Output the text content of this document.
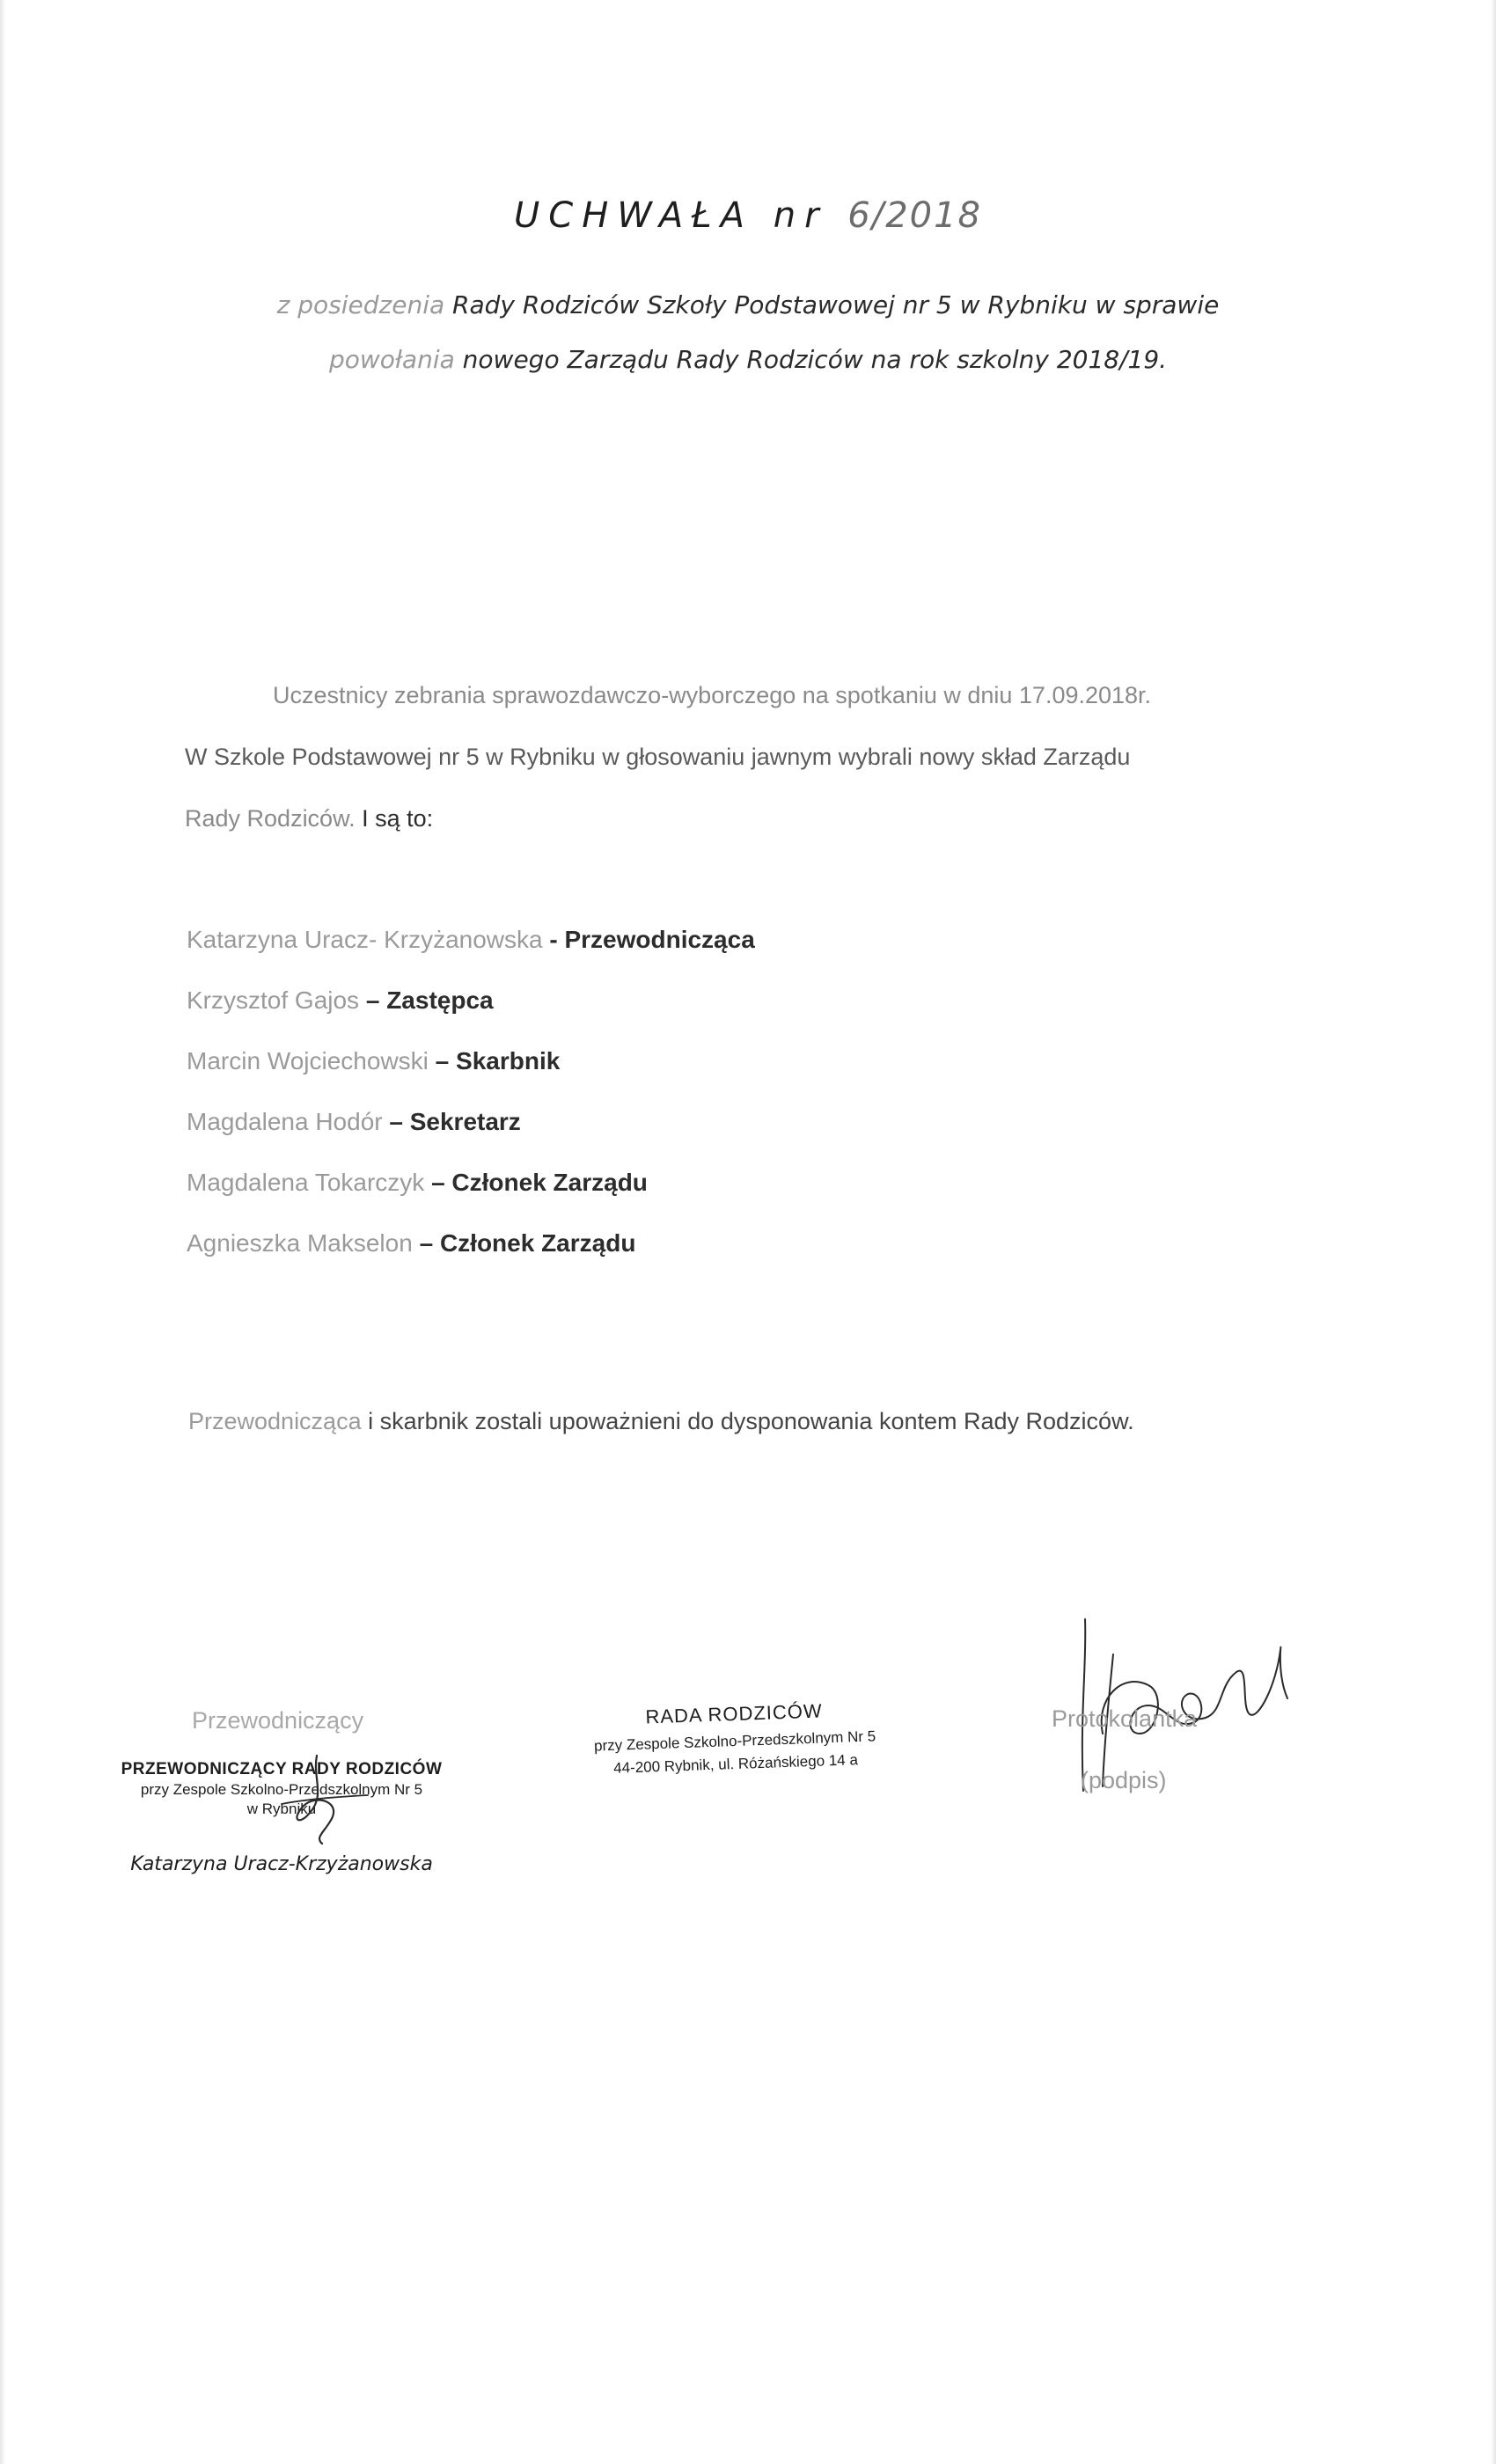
UCHWAŁA nr 6/2018
z posiedzenia Rady Rodziców Szkoły Podstawowej nr 5 w Rybniku w sprawie
powołania nowego Zarządu Rady Rodziców na rok szkolny 2018/19.
Uczestnicy zebrania sprawozdawczo-wyborczego na spotkaniu w dniu 17.09.2018r.
W Szkole Podstawowej nr 5 w Rybniku w głosowaniu jawnym wybrali nowy skład Zarządu
Rady Rodziców. I są to:
Katarzyna Uracz- Krzyżanowska - Przewodnicząca
Krzysztof Gajos – Zastępca
Marcin Wojciechowski – Skarbnik
Magdalena Hodór – Sekretarz
Magdalena Tokarczyk – Członek Zarządu
Agnieszka Makselon – Członek Zarządu
Przewodnicząca i skarbnik zostali upoważnieni do dysponowania kontem Rady Rodziców.
Przewodniczący
PRZEWODNICZĄCY RADY RODZICÓW
przy Zespole Szkolno-Przedszkolnym Nr 5
w Rybniku
Katarzyna Uracz-Krzyżanowska
RADA RODZICÓW
przy Zespole Szkolno-Przedszkolnym Nr 5
44-200 Rybnik, ul. Różańskiego 14 a
Protokolantka
(podpis)
